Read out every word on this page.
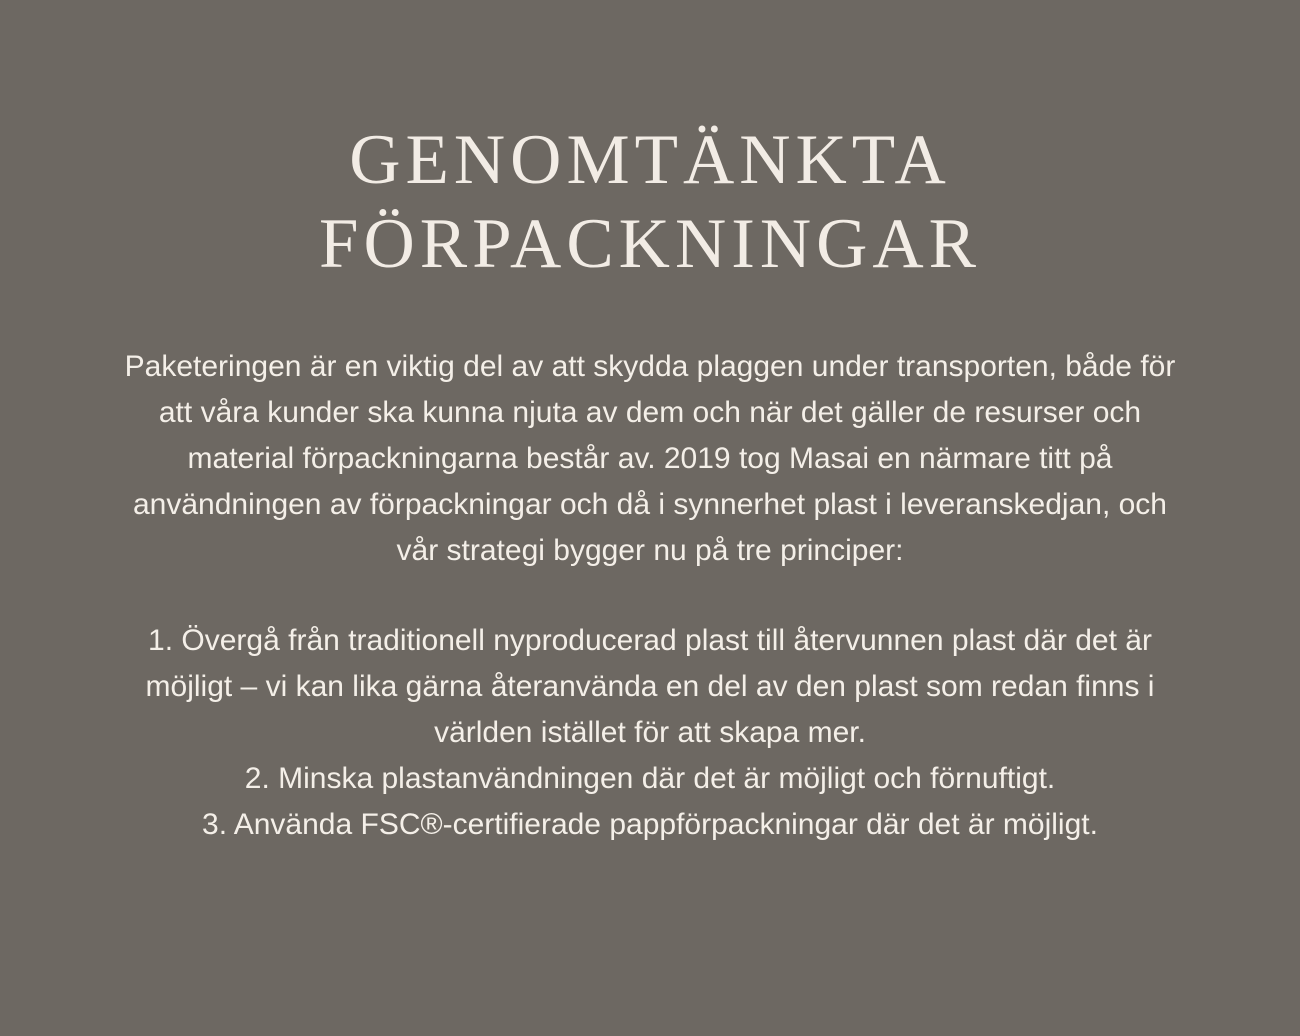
GENOMTÄNKTA
FÖRPACKNINGAR

Paketeringen är en viktig del av att skydda plaggen under transporten, både för att våra kunder ska kunna njuta av dem och när det gäller de resurser och material förpackningarna består av. 2019 tog Masai en närmare titt på användningen av förpackningar och då i synnerhet plast i leveranskedjan, och vår strategi bygger nu på tre principer:

1. Övergå från traditionell nyproducerad plast till återvunnen plast där det är möjligt – vi kan lika gärna återanvända en del av den plast som redan finns i världen istället för att skapa mer.
2. Minska plastanvändningen där det är möjligt och förnuftigt.
3. Använda FSC®-certifierade pappförpackningar där det är möjligt.
